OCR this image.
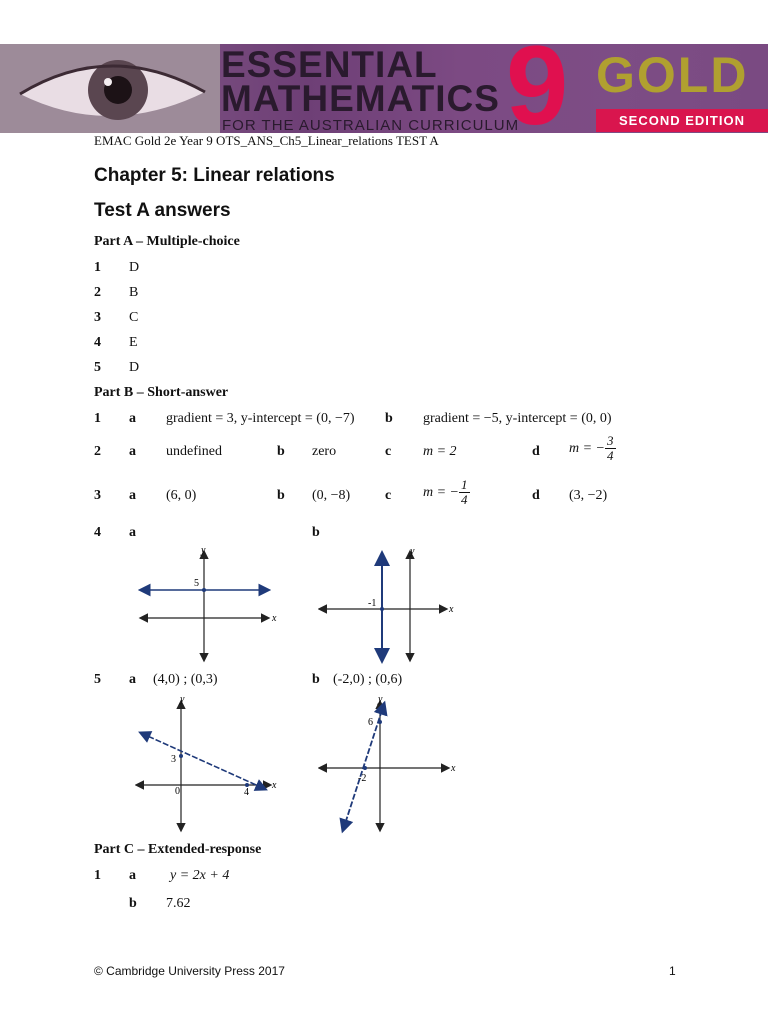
ESSENTIAL
MATHEMATICS
FOR THE AUSTRALIAN CURRICULUM
9 GOLD
SECOND EDITION
EMAC Gold 2e Year 9 OTS_ANS_Ch5_Linear_relations TEST A
Chapter 5: Linear relations
Test A answers
Part A – Multiple-choice
1 D
2 B
3 C
4 E
5 D
Part B – Short-answer
1 a gradient = 3, y-intercept = (0, −7) b gradient = −5, y-intercept = (0, 0)
2 a undefined	b zero	c m = 2	d m = − $\frac{3}{4}$
3 a (6, 0)	b (0, −8) c m = − $\frac{1}{4}$	d (3, −2)
4 a	b
y
x
5
y
x
-1
5 a (4,0) ; (0,3)	b (-2,0) ; (0,6)
y
x
3
0	4
y
x
6
-2
Part C – Extended-response
1 a y = 2x + 4
b 7.62
© Cambridge University Press 2017	1
